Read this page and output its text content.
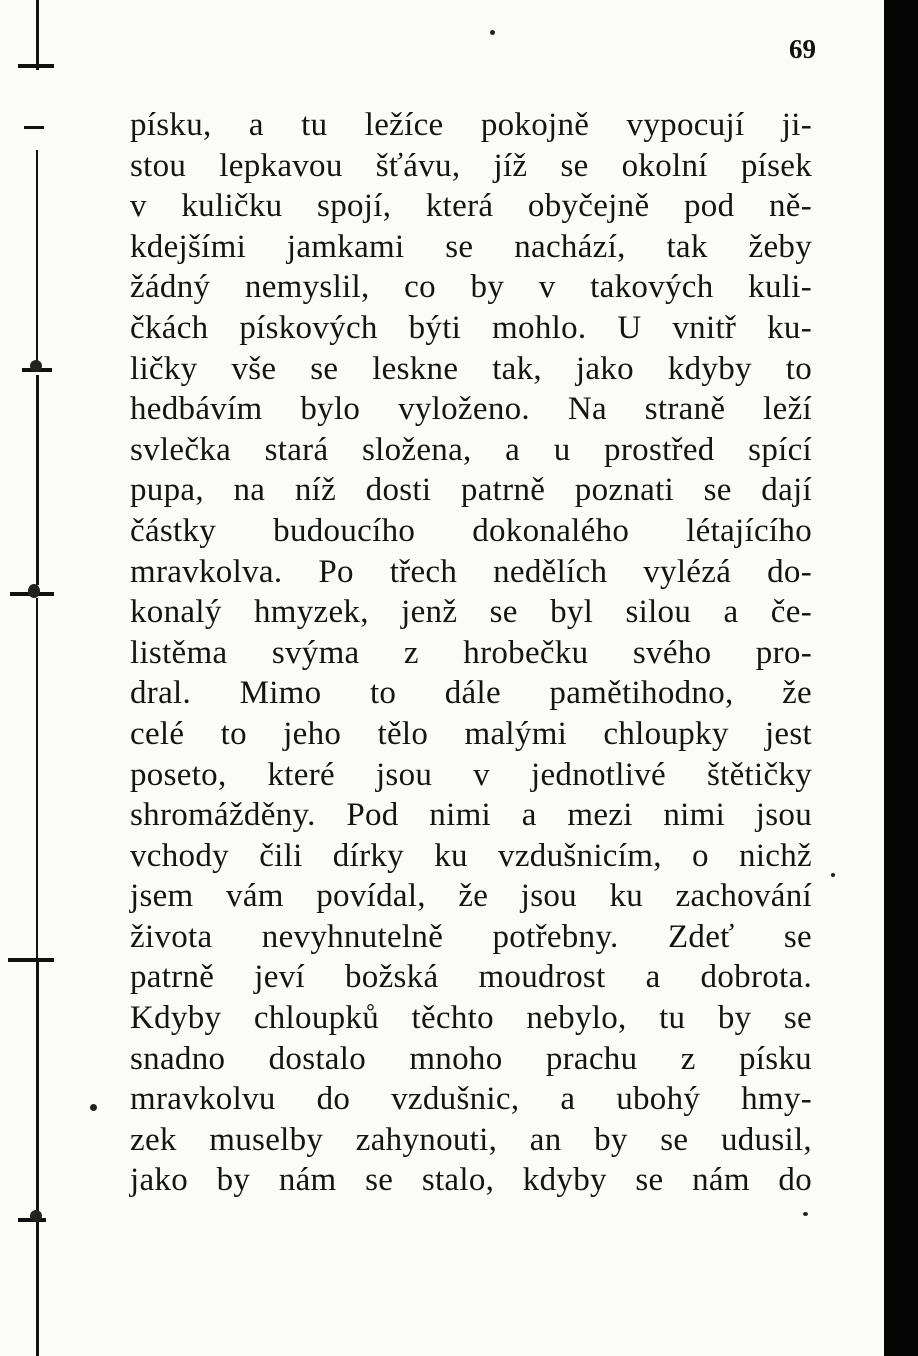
69
písku, a tu ležíce pokojně vypocují ji-
stou lepkavou šťávu, jíž se okolní písek
v kuličku spojí, která obyčejně pod ně-
kdejšími jamkami se nachází, tak žeby
žádný nemyslil, co by v takových kuli-
čkách pískových býti mohlo. U vnitř ku-
ličky vše se leskne tak, jako kdyby to
hedbávím bylo vyloženo. Na straně leží
svlečka stará složena, a u prostřed spící
pupa, na níž dosti patrně poznati se dají
částky budoucího dokonalého létajícího
mravkolva. Po třech nedělích vylézá do-
konalý hmyzek, jenž se byl silou a če-
listěma svýma z hrobečku svého pro-
dral. Mimo to dále pamětihodno, že
celé to jeho tělo malými chloupky jest
poseto, které jsou v jednotlivé štětičky
shromážděny. Pod nimi a mezi nimi jsou
vchody čili dírky ku vzdušnicím, o nichž
jsem vám povídal, že jsou ku zachování
života nevyhnutelně potřebny. Zdeť se
patrně jeví božská moudrost a dobrota.
Kdyby chloupků těchto nebylo, tu by se
snadno dostalo mnoho prachu z písku
mravkolvu do vzdušnic, a ubohý hmy-
zek muselby zahynouti, an by se udusil,
jako by nám se stalo, kdyby se nám do
